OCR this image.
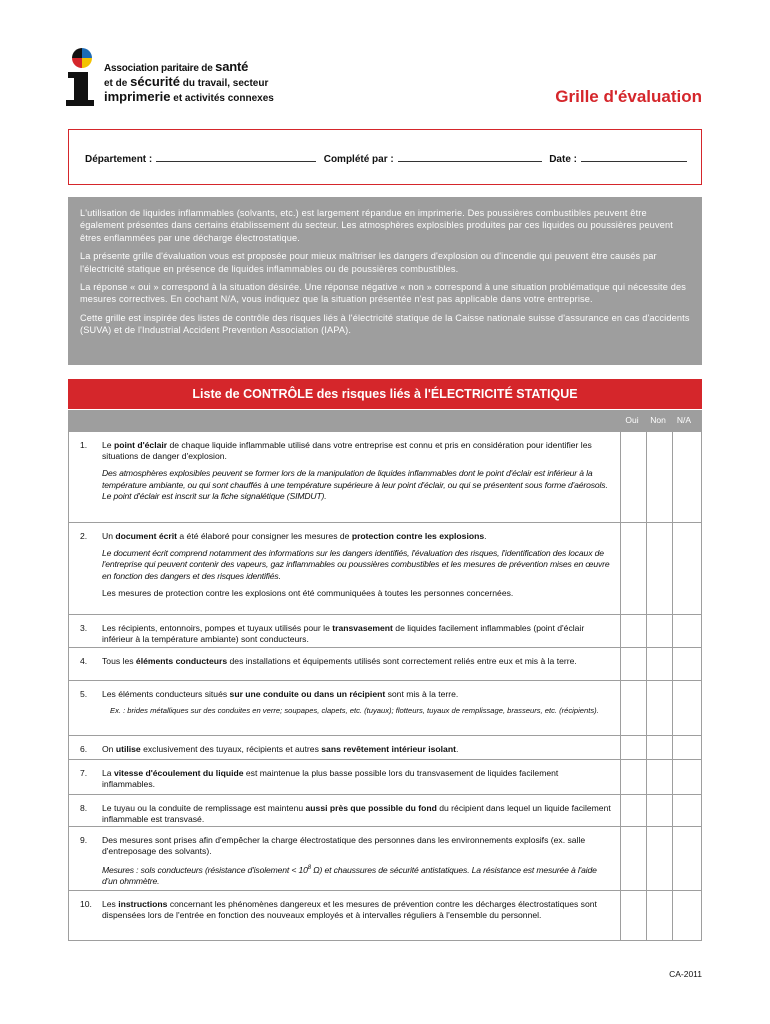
Association paritaire de santé
et de sécurité du travail, secteur
imprimerie et activités connexes	Grille d'évaluation
Département :	Complété par :	Date :

L'utilisation de liquides inflammables (solvants, etc.) est largement répandue en imprimerie. Des poussières combustibles peuvent être également présentes dans certains établissement du secteur. Les atmosphères explosibles produites par ces liquides ou poussières peuvent êtres enflammées par une décharge électrostatique.

La présente grille d'évaluation vous est proposée pour mieux maîtriser les dangers d'explosion ou d'incendie qui peuvent être causés par l'électricité statique en présence de liquides inflammables ou de poussières combustibles.

La réponse « oui » correspond à la situation désirée. Une réponse négative « non » correspond à une situation problématique qui nécessite des mesures correctives. En cochant N/A, vous indiquez que la situation présentée n'est pas applicable dans votre entreprise.

Cette grille est inspirée des listes de contrôle des risques liés à l'électricité statique de la Caisse nationale suisse d'assurance en cas d'accidents (SUVA) et de l'Industrial Accident Prevention Association (IAPA).

Liste de CONTRÔLE des risques liés à l'ÉLECTRICITÉ STATIQUE
Oui	Non	N/A
1. Le point d'éclair de chaque liquide inflammable utilisé dans votre entreprise est connu et pris en considération pour identifier les situations de danger d'explosion.

Des atmosphères explosibles peuvent se former lors de la manipulation de liquides inflammables dont le point d'éclair est inférieur à la température ambiante, ou qui sont chauffés à une température supérieure à leur point d'éclair, ou qui se présentent sous forme d'aérosols. Le point d'éclair est inscrit sur la fiche signalétique (SIMDUT).

2. Un document écrit a été élaboré pour consigner les mesures de protection contre les explosions.

Le document écrit comprend notamment des informations sur les dangers identifiés, l'évaluation des risques, l'identification des locaux de l'entreprise qui peuvent contenir des vapeurs, gaz inflammables ou poussières combustibles et les mesures de prévention mises en œuvre en fonction des dangers et des risques identifiés.

Les mesures de protection contre les explosions ont été communiquées à toutes les personnes concernées.

3. Les récipients, entonnoirs, pompes et tuyaux utilisés pour le transvasement de liquides facilement inflammables (point d'éclair inférieur à la température ambiante) sont conducteurs.

4. Tous les éléments conducteurs des installations et équipements utilisés sont correctement reliés entre eux et mis à la terre.

5. Les éléments conducteurs situés sur une conduite ou dans un récipient sont mis à la terre.

Ex. : brides métalliques sur des conduites en verre; soupapes, clapets, etc. (tuyaux); flotteurs, tuyaux de remplissage, brasseurs, etc. (récipients).

6. On utilise exclusivement des tuyaux, récipients et autres sans revêtement intérieur isolant.

7. La vitesse d'écoulement du liquide est maintenue la plus basse possible lors du transvasement de liquides facilement inflammables.

8. Le tuyau ou la conduite de remplissage est maintenu aussi près que possible du fond du récipient dans lequel un liquide facilement inflammable est transvasé.

9. Des mesures sont prises afin d'empêcher la charge électrostatique des personnes dans les environnements explosifs (ex. salle d'entreposage des solvants).

Mesures : sols conducteurs (résistance d'isolement < $10^8$ Ω) et chaussures de sécurité antistatiques. La résistance est mesurée à l'aide d'un ohmmètre.

10. Les instructions concernant les phénomènes dangereux et les mesures de prévention contre les décharges électrostatiques sont dispensées lors de l'entrée en fonction des nouveaux employés et à intervalles réguliers à l'ensemble du personnel.

CA-2011
